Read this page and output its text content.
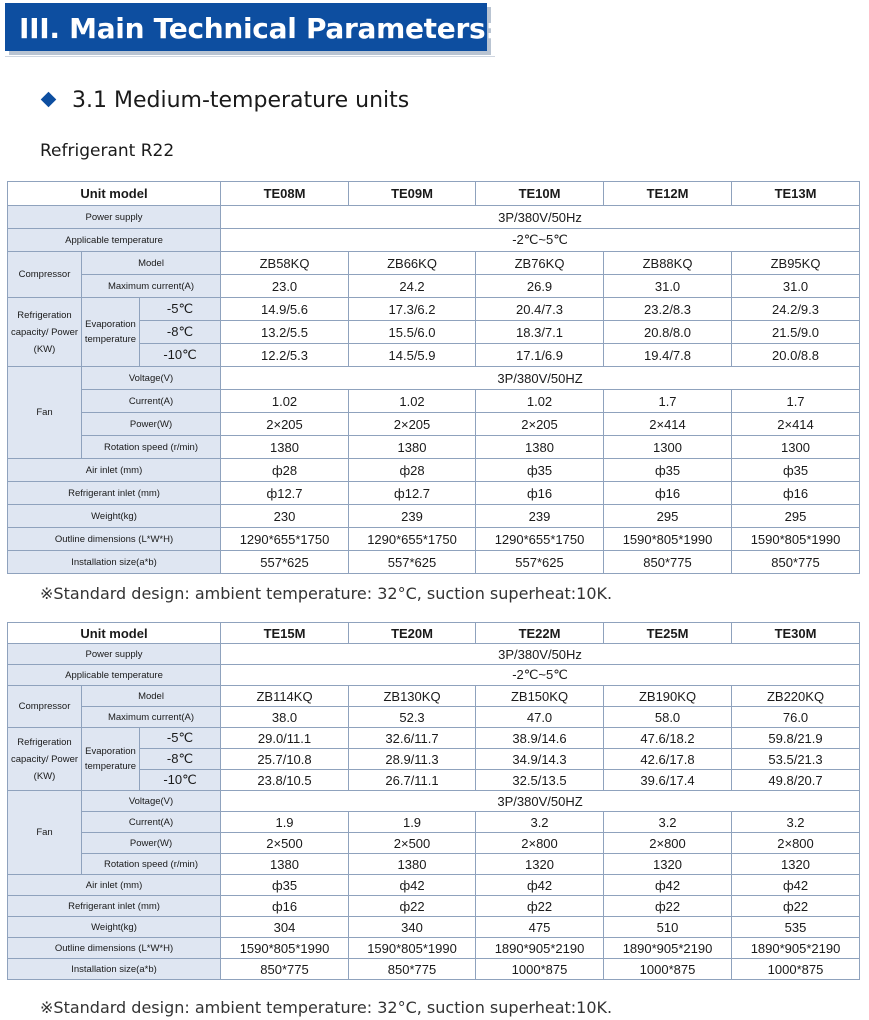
III. Main Technical Parameters:
3.1 Medium-temperature units
Refrigerant R22
Unit model			TE08M	TE09M	TE10M	TE12M	TE13M
Power supply			3P/380V/50Hz				
Applicable temperature			-2℃~5℃				
Compressor	Model		ZB58KQ	ZB66KQ	ZB76KQ	ZB88KQ	ZB95KQ
	Maximum current(A)		23.0	24.2	26.9	31.0	31.0
Refrigeration capacity/ Power (KW)	Evaporation temperature	-5℃	14.9/5.6	17.3/6.2	20.4/7.3	23.2/8.3	24.2/9.3
		-8℃	13.2/5.5	15.5/6.0	18.3/7.1	20.8/8.0	21.5/9.0
		-10℃	12.2/5.3	14.5/5.9	17.1/6.9	19.4/7.8	20.0/8.8
Fan	Voltage(V)		3P/380V/50HZ				
	Current(A)		1.02	1.02	1.02	1.7	1.7
	Power(W)		2×205	2×205	2×205	2×414	2×414
	Rotation speed (r/min)		1380	1380	1380	1300	1300
Air inlet (mm)			ф28	ф28	ф35	ф35	ф35
Refrigerant inlet (mm)			ф12.7	ф12.7	ф16	ф16	ф16
Weight(kg)			230	239	239	295	295
Outline dimensions (L*W*H)			1290*655*1750	1290*655*1750	1290*655*1750	1590*805*1990	1590*805*1990
Installation size(a*b)			557*625	557*625	557*625	850*775	850*775
※Standard design: ambient temperature: 32°C, suction superheat:10K.
Unit model			TE15M	TE20M	TE22M	TE25M	TE30M
Power supply			3P/380V/50Hz				
Applicable temperature			-2℃~5℃				
Compressor	Model		ZB114KQ	ZB130KQ	ZB150KQ	ZB190KQ	ZB220KQ
	Maximum current(A)		38.0	52.3	47.0	58.0	76.0
Refrigeration capacity/ Power (KW)	Evaporation temperature	-5℃	29.0/11.1	32.6/11.7	38.9/14.6	47.6/18.2	59.8/21.9
		-8℃	25.7/10.8	28.9/11.3	34.9/14.3	42.6/17.8	53.5/21.3
		-10℃	23.8/10.5	26.7/11.1	32.5/13.5	39.6/17.4	49.8/20.7
Fan	Voltage(V)		3P/380V/50HZ				
	Current(A)		1.9	1.9	3.2	3.2	3.2
	Power(W)		2×500	2×500	2×800	2×800	2×800
	Rotation speed (r/min)		1380	1380	1320	1320	1320
Air inlet (mm)			ф35	ф42	ф42	ф42	ф42
Refrigerant inlet (mm)			ф16	ф22	ф22	ф22	ф22
Weight(kg)			304	340	475	510	535
Outline dimensions (L*W*H)			1590*805*1990	1590*805*1990	1890*905*2190	1890*905*2190	1890*905*2190
Installation size(a*b)			850*775	850*775	1000*875	1000*875	1000*875
※Standard design: ambient temperature: 32°C, suction superheat:10K.
